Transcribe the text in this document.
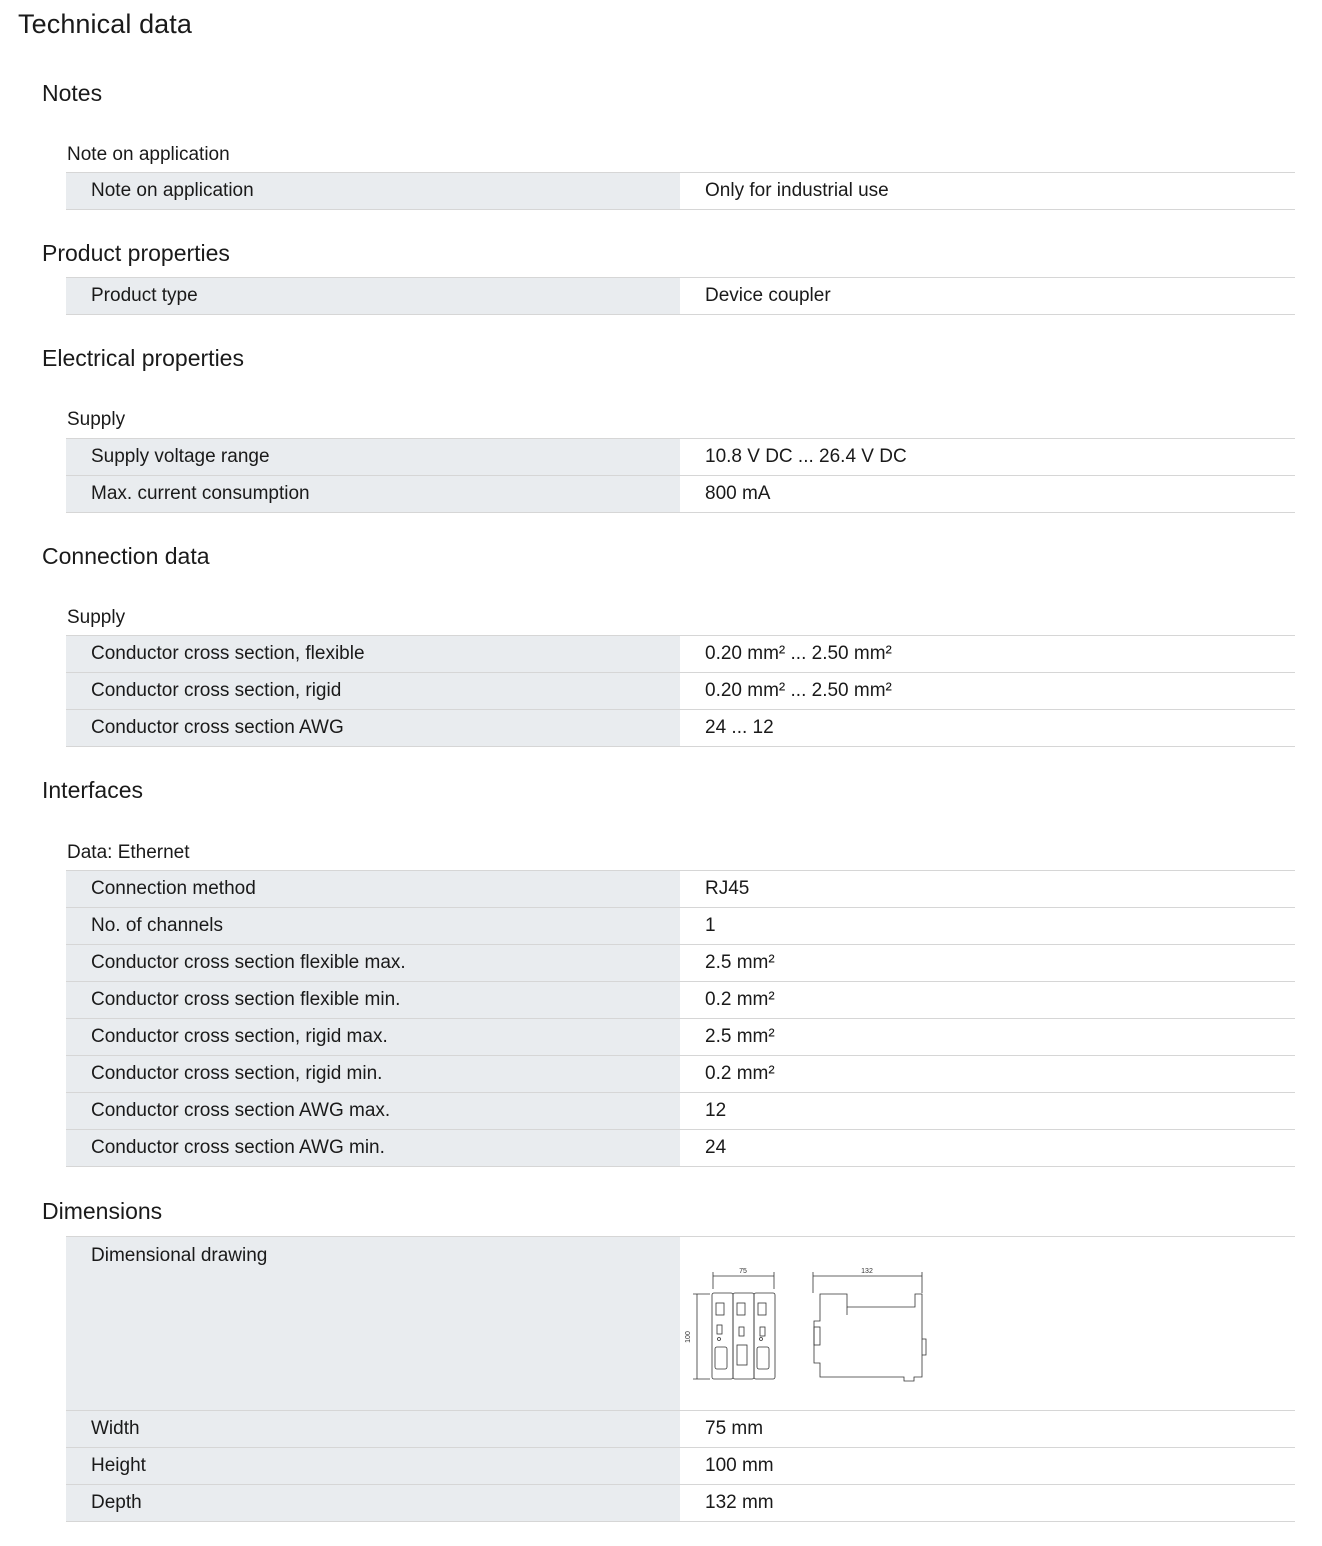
Technical data
Notes
Note on application
Note on application	Only for industrial use
Product properties
Product type	Device coupler
Electrical properties
Supply
Supply voltage range	10.8 V DC ... 26.4 V DC
Max. current consumption	800 mA
Connection data
Supply
Conductor cross section, flexible	0.20 mm² ... 2.50 mm²
Conductor cross section, rigid	0.20 mm² ... 2.50 mm²
Conductor cross section AWG	24 ... 12
Interfaces
Data: Ethernet
Connection method	RJ45
No. of channels	1
Conductor cross section flexible max.	2.5 mm²
Conductor cross section flexible min.	0.2 mm²
Conductor cross section, rigid max.	2.5 mm²
Conductor cross section, rigid min.	0.2 mm²
Conductor cross section AWG max.	12
Conductor cross section AWG min.	24
Dimensions
Dimensional drawing
75
100
132
Width	75 mm
Height	100 mm
Depth	132 mm
